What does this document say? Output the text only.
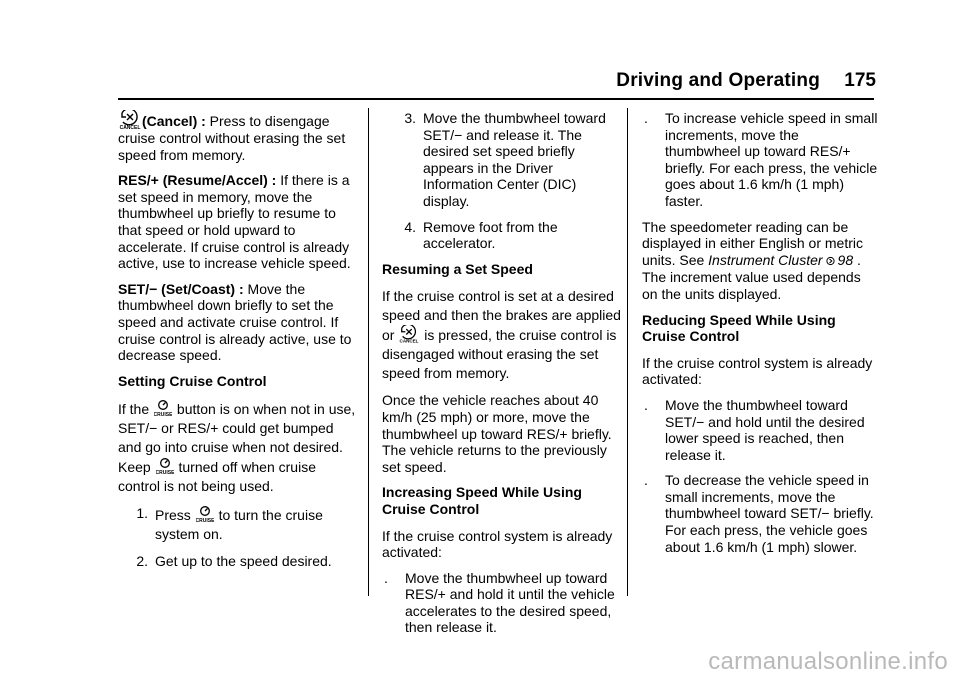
Driving and Operating 175

CANCEL (Cancel) : Press to disengage cruise control without erasing the set speed from memory.

RES/+ (Resume/Accel) : If there is a set speed in memory, move the thumbwheel up briefly to resume to that speed or hold upward to accelerate. If cruise control is already active, use to increase vehicle speed.

SET/− (Set/Coast) : Move the thumbwheel down briefly to set the speed and activate cruise control. If cruise control is already active, use to decrease speed.

Setting Cruise Control

If the CRUISE button is on when not in use, SET/− or RES/+ could get bumped and go into cruise when not desired. Keep CRUISE turned off when cruise control is not being used.

1. Press CRUISE to turn the cruise system on.
2. Get up to the speed desired.
3. Move the thumbwheel toward SET/− and release it. The desired set speed briefly appears in the Driver Information Center (DIC) display.
4. Remove foot from the accelerator.
Resuming a Set Speed

If the cruise control is set at a desired speed and then the brakes are applied or CANCEL is pressed, the cruise control is disengaged without erasing the set speed from memory.

Once the vehicle reaches about 40 km/h (25 mph) or more, move the thumbwheel up toward RES/+ briefly. The vehicle returns to the previously set speed.

Increasing Speed While Using Cruise Control

If the cruise control system is already activated:

.	Move the thumbwheel up toward RES/+ and hold it until the vehicle accelerates to the desired speed, then release it.
.	To increase vehicle speed in small increments, move the thumbwheel up toward RES/+ briefly. For each press, the vehicle goes about 1.6 km/h (1 mph) faster.

The speedometer reading can be displayed in either English or metric units. See Instrument Cluster 98 . The increment value used depends on the units displayed.

Reducing Speed While Using Cruise Control

If the cruise control system is already activated:

.	Move the thumbwheel toward SET/− and hold until the desired lower speed is reached, then release it.
.	To decrease the vehicle speed in small increments, move the thumbwheel toward SET/− briefly. For each press, the vehicle goes about 1.6 km/h (1 mph) slower.
carmanualsonline.info
